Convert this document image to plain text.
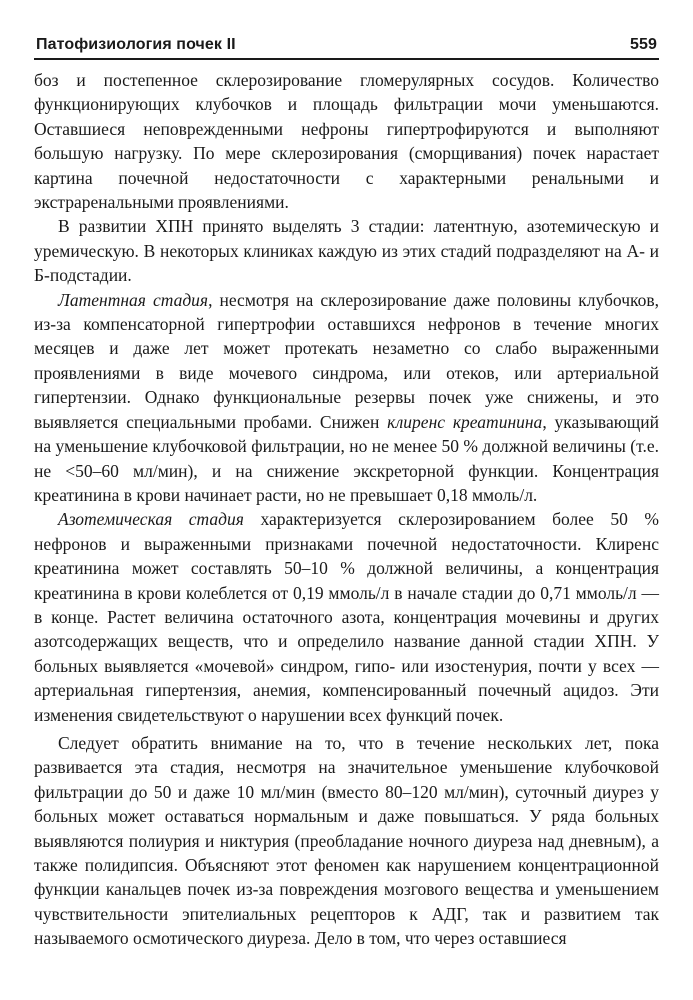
Патофизиология почек II	559

боз и постепенное склерозирование гломерулярных сосудов. Количество функционирующих клубочков и площадь фильтрации мочи уменьшаются. Оставшиеся неповрежденными нефроны гипертрофируются и выполняют большую нагрузку. По мере склерозирования (сморщивания) почек нарастает картина почечной недостаточности с характерными ренальными и экстраренальными проявлениями.

В развитии ХПН принято выделять 3 стадии: латентную, азотемическую и уремическую. В некоторых клиниках каждую из этих стадий подразделяют на А- и Б-подстадии.

Латентная стадия, несмотря на склерозирование даже половины клубочков, из-за компенсаторной гипертрофии оставшихся нефронов в течение многих месяцев и даже лет может протекать незаметно со слабо выраженными проявлениями в виде мочевого синдрома, или отеков, или артериальной гипертензии. Однако функциональные резервы почек уже снижены, и это выявляется специальными пробами. Снижен клиренс креатинина, указывающий на уменьшение клубочковой фильтрации, но не менее 50 % должной величины (т.е. не <50–60 мл/мин), и на снижение экскреторной функции. Концентрация креатинина в крови начинает расти, но не превышает 0,18 ммоль/л.

Азотемическая стадия характеризуется склерозированием более 50 % нефронов и выраженными признаками почечной недостаточности. Клиренс креатинина может составлять 50–10 % должной величины, а концентрация креатинина в крови колеблется от 0,19 ммоль/л в начале стадии до 0,71 ммоль/л — в конце. Растет величина остаточного азота, концентрация мочевины и других азотсодержащих веществ, что и определило название данной стадии ХПН. У больных выявляется «мочевой» синдром, гипо- или изостенурия, почти у всех — артериальная гипертензия, анемия, компенсированный почечный ацидоз. Эти изменения свидетельствуют о нарушении всех функций почек.

Следует обратить внимание на то, что в течение нескольких лет, пока развивается эта стадия, несмотря на значительное уменьшение клубочковой фильтрации до 50 и даже 10 мл/мин (вместо 80–120 мл/мин), суточный диурез у больных может оставаться нормальным и даже повышаться. У ряда больных выявляются полиурия и никтурия (преобладание ночного диуреза над дневным), а также полидипсия. Объясняют этот феномен как нарушением концентрационной функции канальцев почек из-за повреждения мозгового вещества и уменьшением чувствительности эпителиальных рецепторов к АДГ, так и развитием так называемого осмотического диуреза. Дело в том, что через оставшиеся
